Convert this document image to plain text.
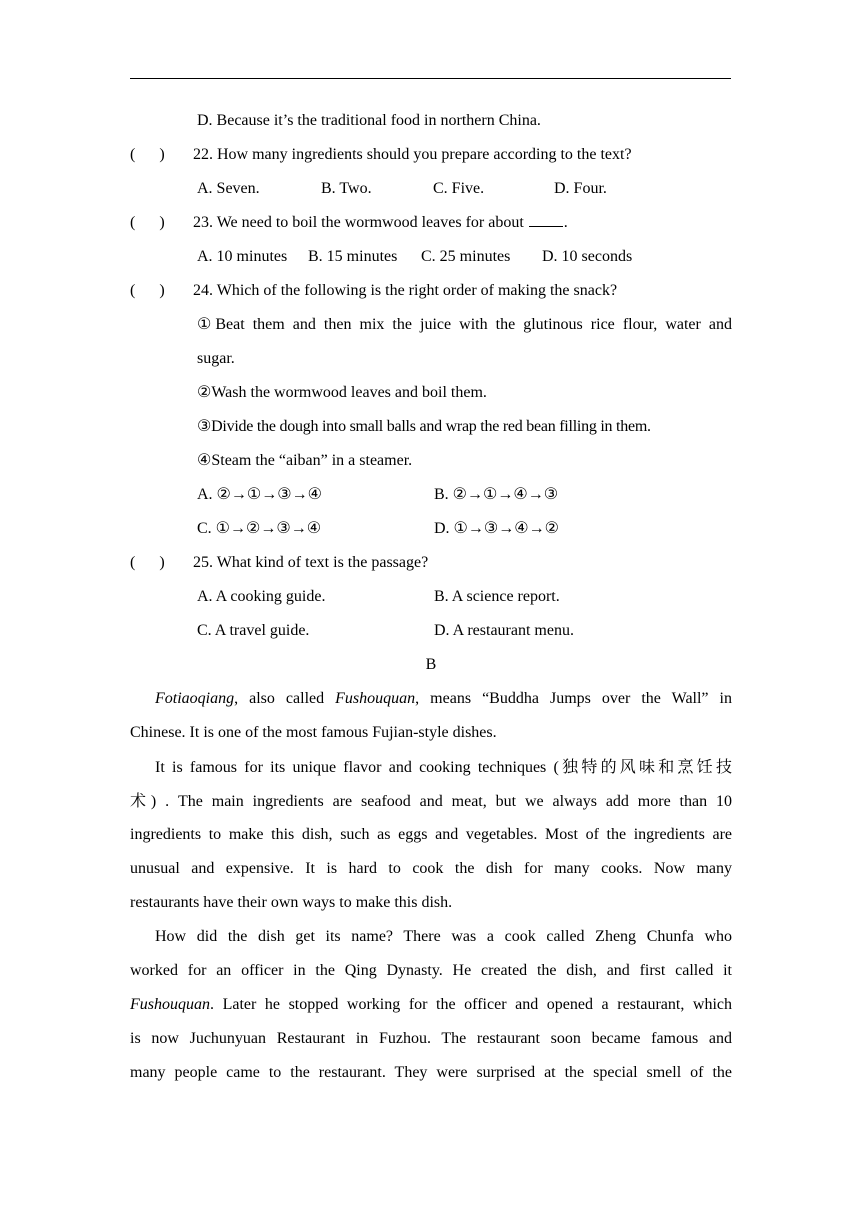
D. Because it’s the traditional food in northern China.
( )	22. How many ingredients should you prepare according to the text?
A. Seven.	B. Two.	C. Five.	D. Four.
( )	23. We need to boil the wormwood leaves for about	.
A. 10 minutes	B. 15 minutes	C. 25 minutes	D. 10 seconds
( )	24. Which of the following is the right order of making the snack?
①Beat them and then mix the juice with the glutinous rice flour, water and
sugar.
②Wash the wormwood leaves and boil them.
③Divide the dough into small balls and wrap the red bean filling in them.
④Steam the “aiban” in a steamer.
A. ②→①→③→④	B. ②→①→④→③
C. ①→②→③→④	D. ①→③→④→②
( )	25. What kind of text is the passage?
A. A cooking guide.	B. A science report.
C. A travel guide.	D. A restaurant menu.
B
Fotiaoqiang, also called Fushouquan, means “Buddha Jumps over the Wall” in
Chinese. It is one of the most famous Fujian-style dishes.
It is famous for its unique flavor and cooking techniques (独特的风味和烹饪技
术) . The main ingredients are seafood and meat, but we always add more than 10
ingredients to make this dish, such as eggs and vegetables. Most of the ingredients are
unusual and expensive. It is hard to cook the dish for many cooks. Now many
restaurants have their own ways to make this dish.
How did the dish get its name? There was a cook called Zheng Chunfa who
worked for an officer in the Qing Dynasty. He created the dish, and first called it
Fushouquan. Later he stopped working for the officer and opened a restaurant, which
is now Juchunyuan Restaurant in Fuzhou. The restaurant soon became famous and
many people came to the restaurant. They were surprised at the special smell of the
